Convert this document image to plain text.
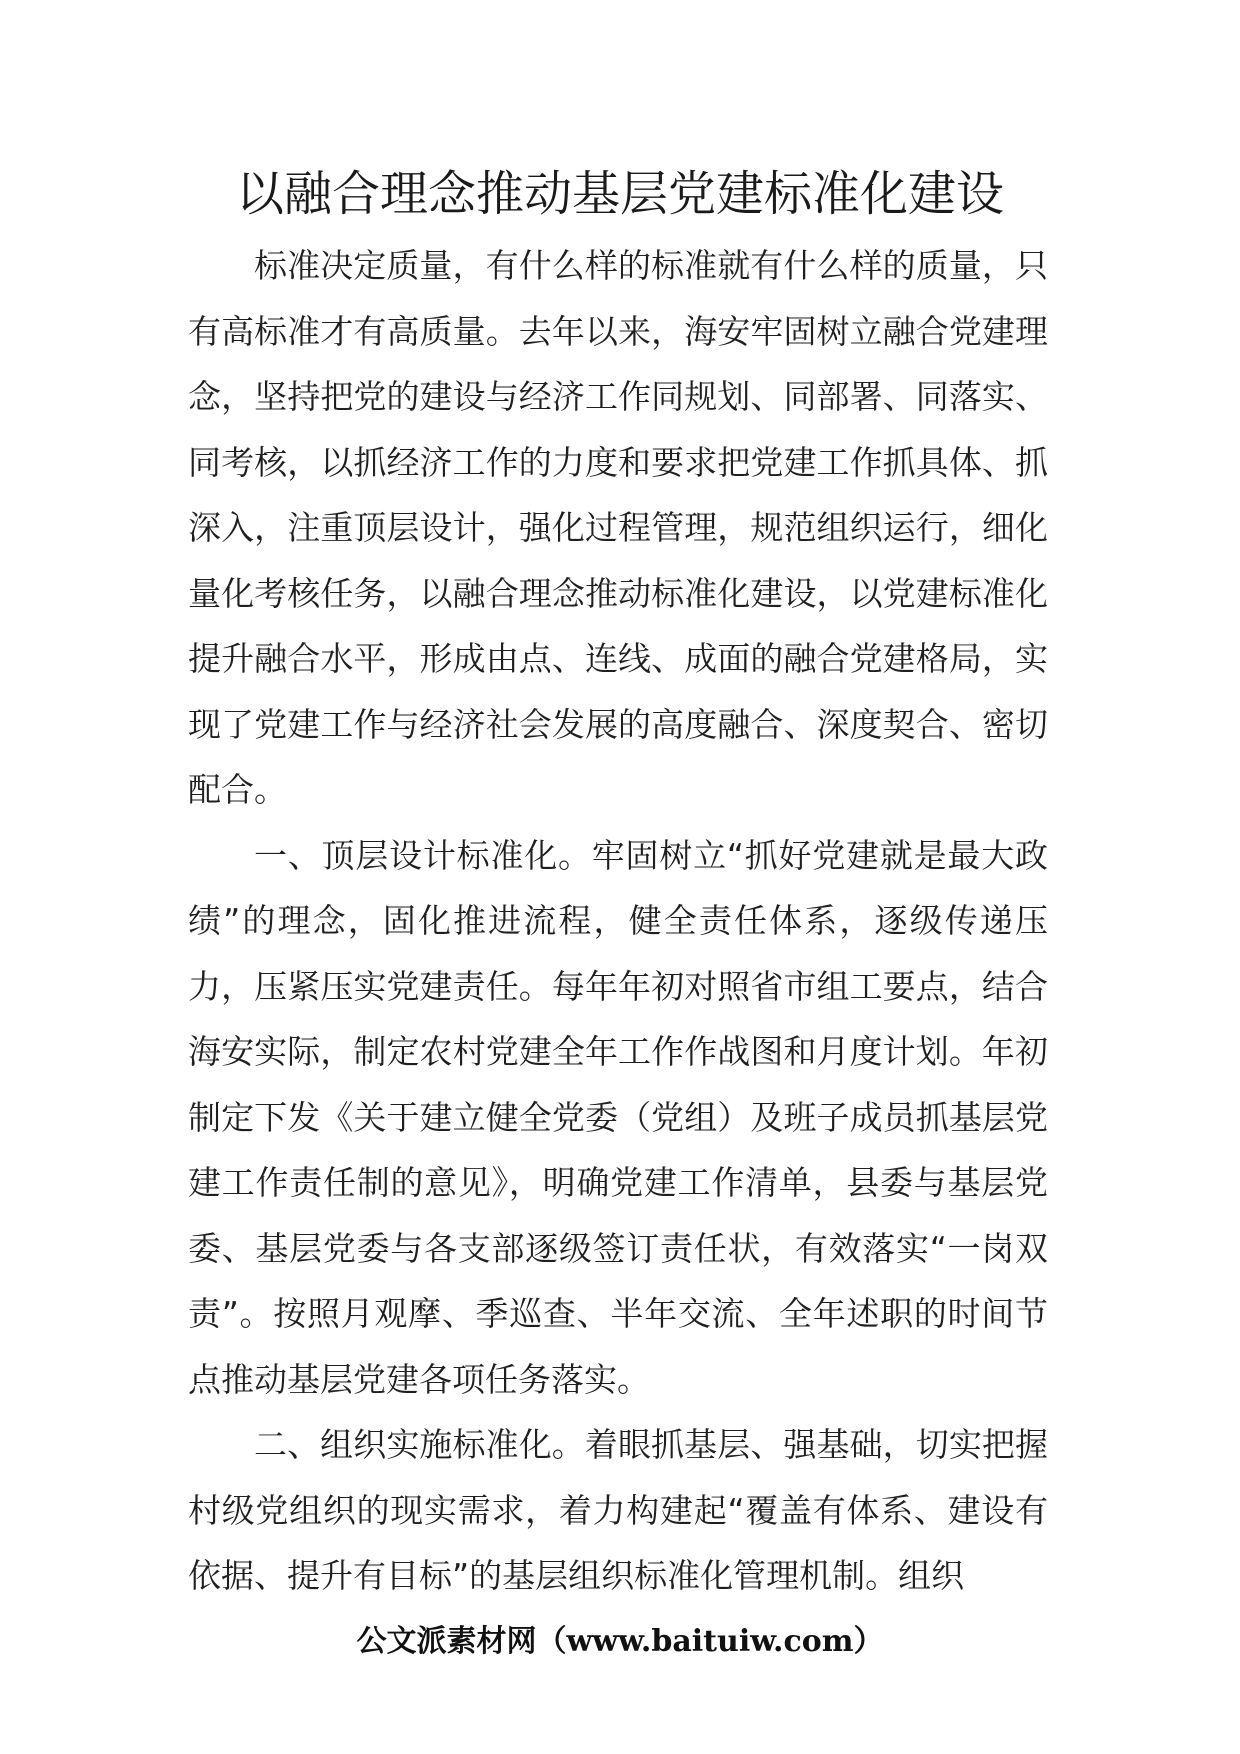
以融合理念推动基层党建标准化建设

标准决定质量，有什么样的标准就有什么样的质量，只有高标准才有高质量。去年以来，海安牢固树立融合党建理念，坚持把党的建设与经济工作同规划、同部署、同落实、同考核，以抓经济工作的力度和要求把党建工作抓具体、抓深入，注重顶层设计，强化过程管理，规范组织运行，细化量化考核任务，以融合理念推动标准化建设，以党建标准化提升融合水平，形成由点、连线、成面的融合党建格局，实现了党建工作与经济社会发展的高度融合、深度契合、密切配合。

一、顶层设计标准化。牢固树立“抓好党建就是最大政绩”的理念，固化推进流程，健全责任体系，逐级传递压力，压紧压实党建责任。每年年初对照省市组工要点，结合海安实际，制定农村党建全年工作作战图和月度计划。年初制定下发《关于建立健全党委（党组）及班子成员抓基层党建工作责任制的意见》，明确党建工作清单，县委与基层党委、基层党委与各支部逐级签订责任状，有效落实“一岗双责”。按照月观摩、季巡查、半年交流、全年述职的时间节点推动基层党建各项任务落实。

二、组织实施标准化。着眼抓基层、强基础，切实把握村级党组织的现实需求，着力构建起“覆盖有体系、建设有依据、提升有目标”的基层组织标准化管理机制。组织

公文派素材网（www.baituiw.com）
